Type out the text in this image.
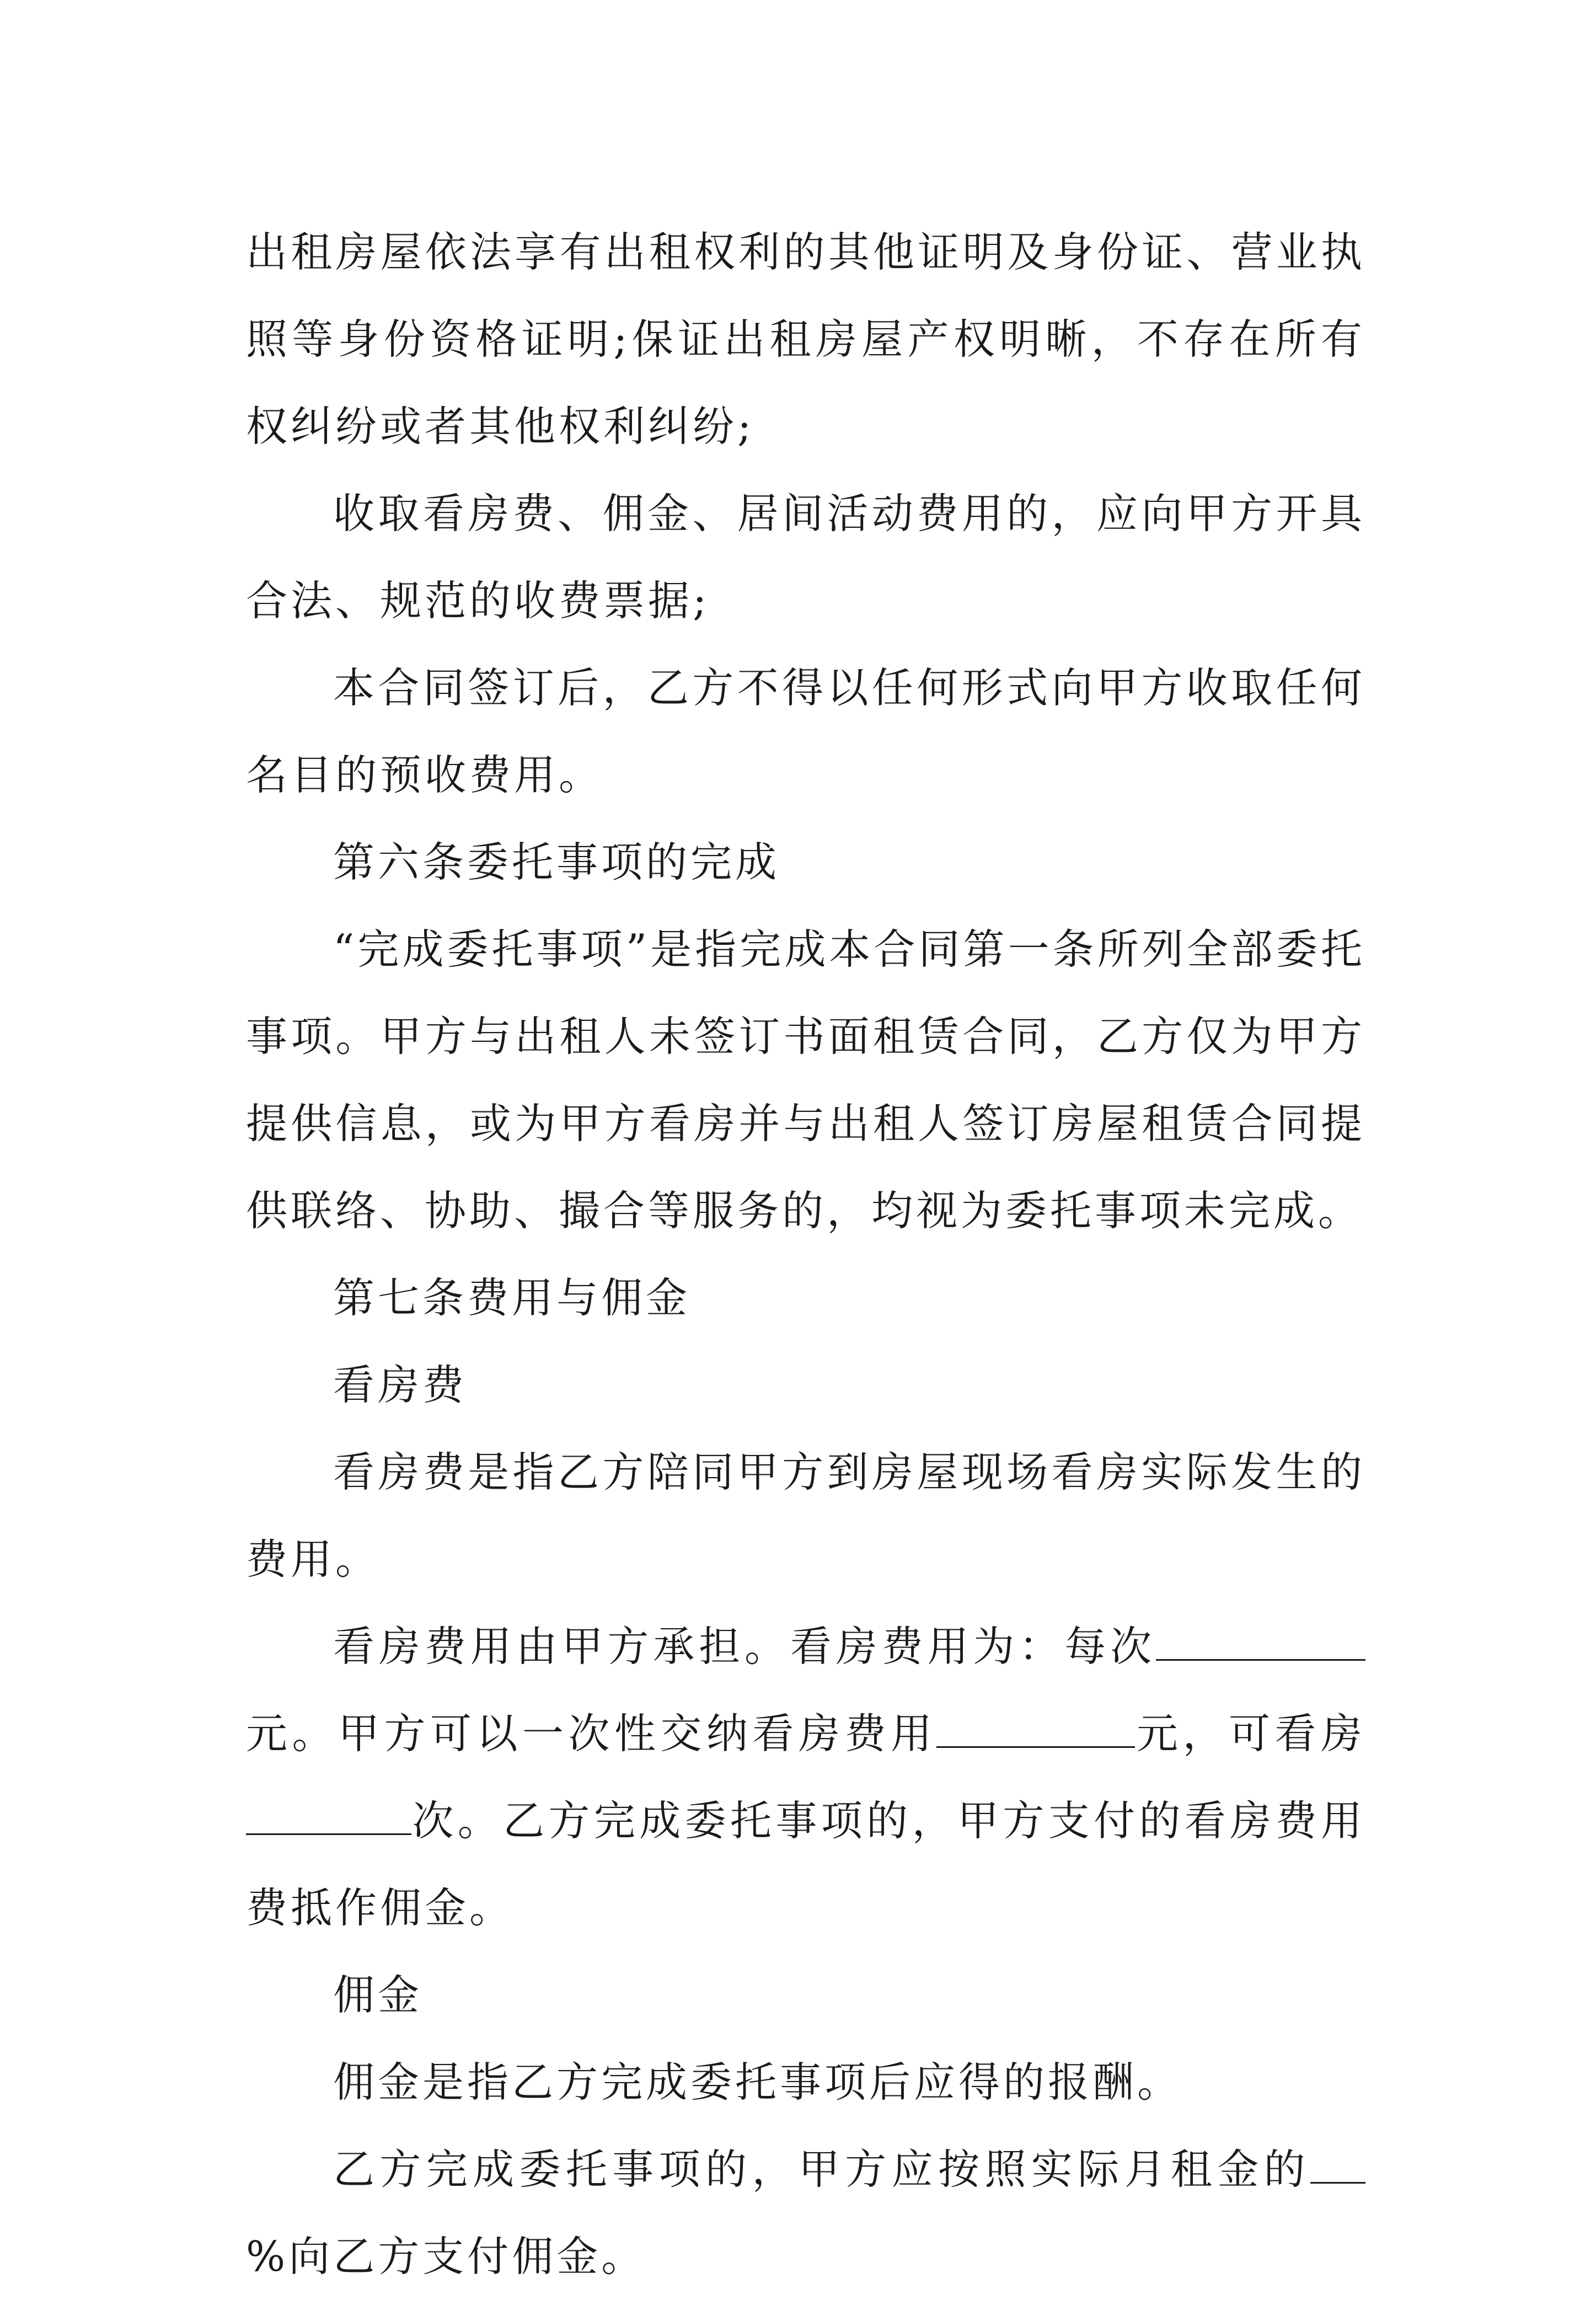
出租房屋依法享有出租权利的其他证明及身份证、营业执照等身份资格证明;保证出租房屋产权明晰，不存在所有权纠纷或者其他权利纠纷;

收取看房费、佣金、居间活动费用的，应向甲方开具合法、规范的收费票据;

本合同签订后，乙方不得以任何形式向甲方收取任何名目的预收费用。

第六条委托事项的完成

“完成委托事项”是指完成本合同第一条所列全部委托事项。甲方与出租人未签订书面租赁合同，乙方仅为甲方提供信息，或为甲方看房并与出租人签订房屋租赁合同提供联络、协助、撮合等服务的，均视为委托事项未完成。

第七条费用与佣金

看房费

看房费是指乙方陪同甲方到房屋现场看房实际发生的费用。

看房费用由甲方承担。看房费用为：每次元。甲方可以一次性交纳看房费用	元，可看房次。乙方完成委托事项的，甲方支付的看房费用费抵作佣金。

佣金

佣金是指乙方完成委托事项后应得的报酬。

乙方完成委托事项的，甲方应按照实际月租金的%向乙方支付佣金。
